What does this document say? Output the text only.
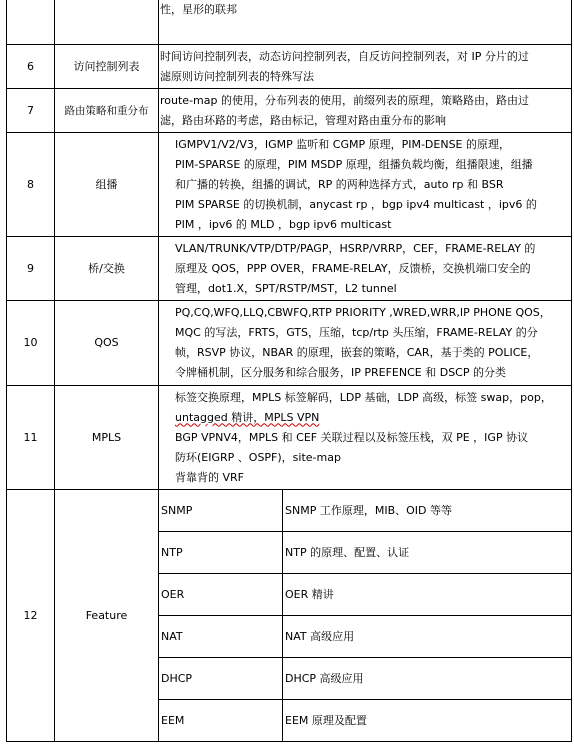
性，星形的联邦

6	访问控制列表	
时间访问控制列表，动态访问控制列表，自反访问控制列表，对 IP 分片的过
滤原则访问控制列表的特殊写法

7	路由策略和重分布	
route-map 的使用，分布列表的使用，前缀列表的原理，策略路由，路由过
滤，路由环路的考虑，路由标记，管理对路由重分布的影响

8	组播	
IGMPV1/V2/V3，IGMP 监听和 CGMP 原理，PIM-DENSE 的原理，
PIM-SPARSE 的原理，PIM MSDP 原理，组播负载均衡，组播限速，组播
和广播的转换，组播的调试，RP 的两种选择方式，auto rp 和 BSR
PIM SPARSE 的切换机制，anycast rp ，bgp ipv4 multicast ，ipv6 的
PIM ，ipv6 的 MLD ，bgp ipv6 multicast

9	桥/交换	
VLAN/TRUNK/VTP/DTP/PAGP，HSRP/VRRP，CEF，FRAME-RELAY 的
原理及 QOS，PPP OVER，FRAME-RELAY，反馈桥，交换机端口安全的
管理，dot1.X，SPT/RSTP/MST，L2 tunnel

10	QOS	
PQ,CQ,WFQ,LLQ,CBWFQ,RTP PRIORITY ,WRED,WRR,IP PHONE QOS，
MQC 的写法，FRTS，GTS，压缩，tcp/rtp 头压缩，FRAME-RELAY 的分
帧，RSVP 协议，NBAR 的原理，嵌套的策略，CAR，基于类的 POLICE，
令牌桶机制，区分服务和综合服务，IP PREFENCE 和 DSCP 的分类

11	MPLS	
标签交换原理，MPLS 标签解码，LDP 基础，LDP 高级，标签 swap，pop，
untagged 精讲，MPLS VPN
BGP VPNV4，MPLS 和 CEF 关联过程以及标签压栈，双 PE ，IGP 协议
防环(EIGRP 、OSPF)，site-map
背靠背的 VRF

12	Feature	
SNMP	SNMP 工作原理，MIB、OID 等等
NTP	NTP 的原理、配置、认证
OER	OER 精讲
NAT	NAT 高级应用
DHCP	DHCP 高级应用
EEM	EEM 原理及配置
